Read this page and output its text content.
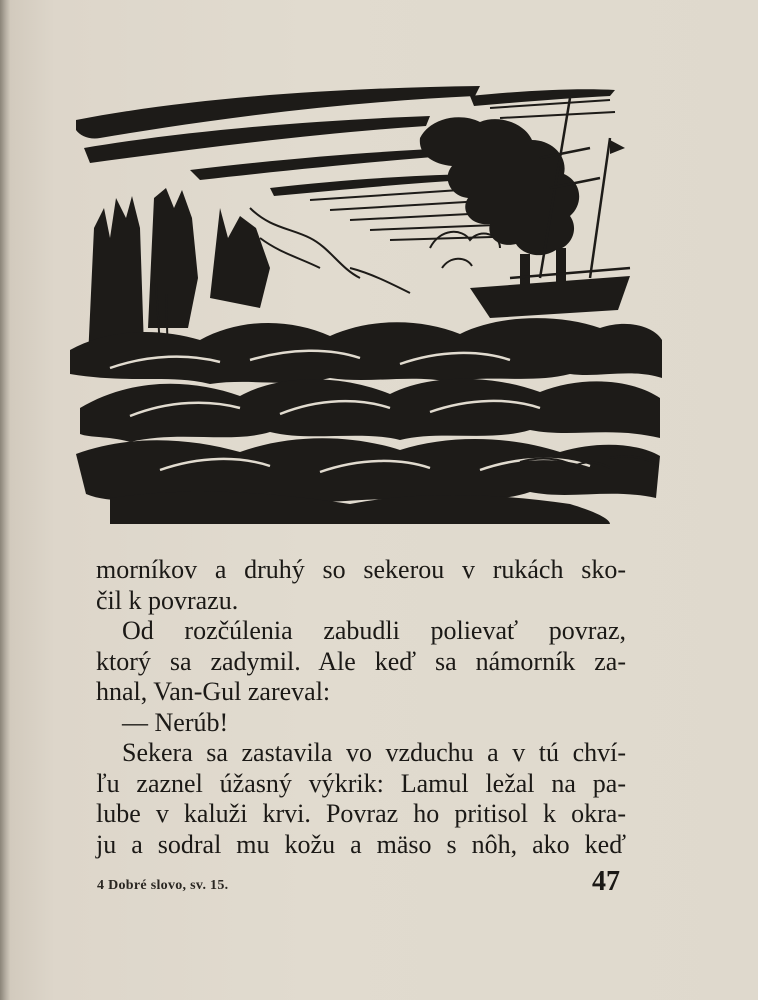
morníkov a druhý so sekerou v rukách sko-
čil k povrazu.
Od rozčúlenia zabudli polievať povraz,
ktorý sa zadymil. Ale keď sa námorník za-
hnal, Van-Gul zareval:
— Nerúb!
Sekera sa zastavila vo vzduchu a v tú chví-
ľu zaznel úžasný výkrik: Lamul ležal na pa-
lube v kaluži krvi. Povraz ho pritisol k okra-
ju a sodral mu kožu a mäso s nôh, ako keď
4 Dobré slovo, sv. 15.	47
